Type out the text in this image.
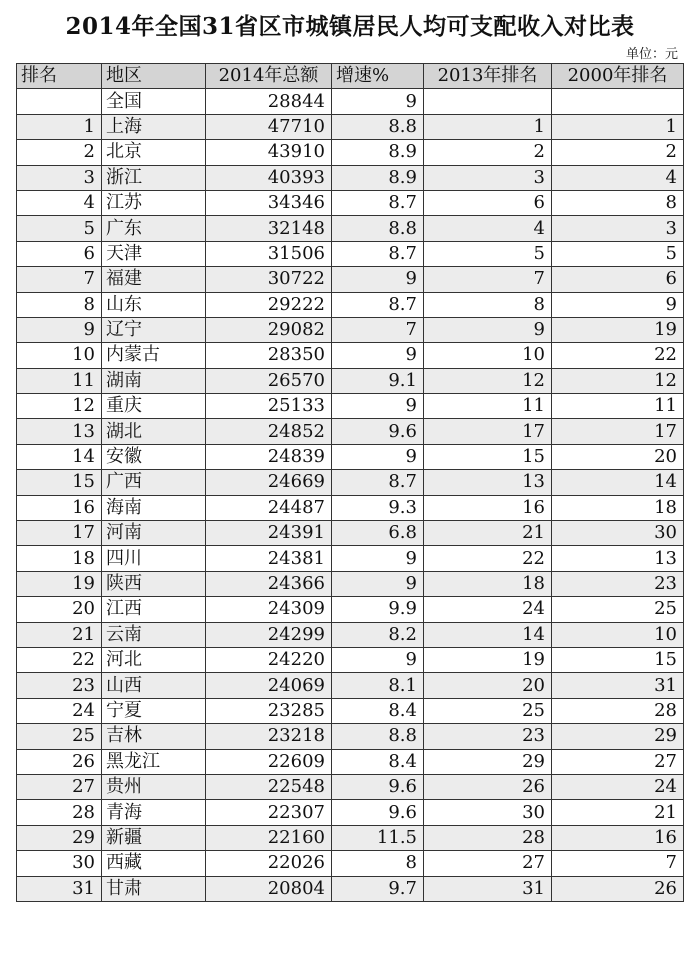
2014年全国31省区市城镇居民人均可支配收入对比表
单位：元
排名	地区	2014年总额	增速%	2013年排名	2000年排名
	全国	28844	9		
1	上海	47710	8.8	1	1
2	北京	43910	8.9	2	2
3	浙江	40393	8.9	3	4
4	江苏	34346	8.7	6	8
5	广东	32148	8.8	4	3
6	天津	31506	8.7	5	5
7	福建	30722	9	7	6
8	山东	29222	8.7	8	9
9	辽宁	29082	7	9	19
10	内蒙古	28350	9	10	22
11	湖南	26570	9.1	12	12
12	重庆	25133	9	11	11
13	湖北	24852	9.6	17	17
14	安徽	24839	9	15	20
15	广西	24669	8.7	13	14
16	海南	24487	9.3	16	18
17	河南	24391	6.8	21	30
18	四川	24381	9	22	13
19	陕西	24366	9	18	23
20	江西	24309	9.9	24	25
21	云南	24299	8.2	14	10
22	河北	24220	9	19	15
23	山西	24069	8.1	20	31
24	宁夏	23285	8.4	25	28
25	吉林	23218	8.8	23	29
26	黑龙江	22609	8.4	29	27
27	贵州	22548	9.6	26	24
28	青海	22307	9.6	30	21
29	新疆	22160	11.5	28	16
30	西藏	22026	8	27	7
31	甘肃	20804	9.7	31	26
